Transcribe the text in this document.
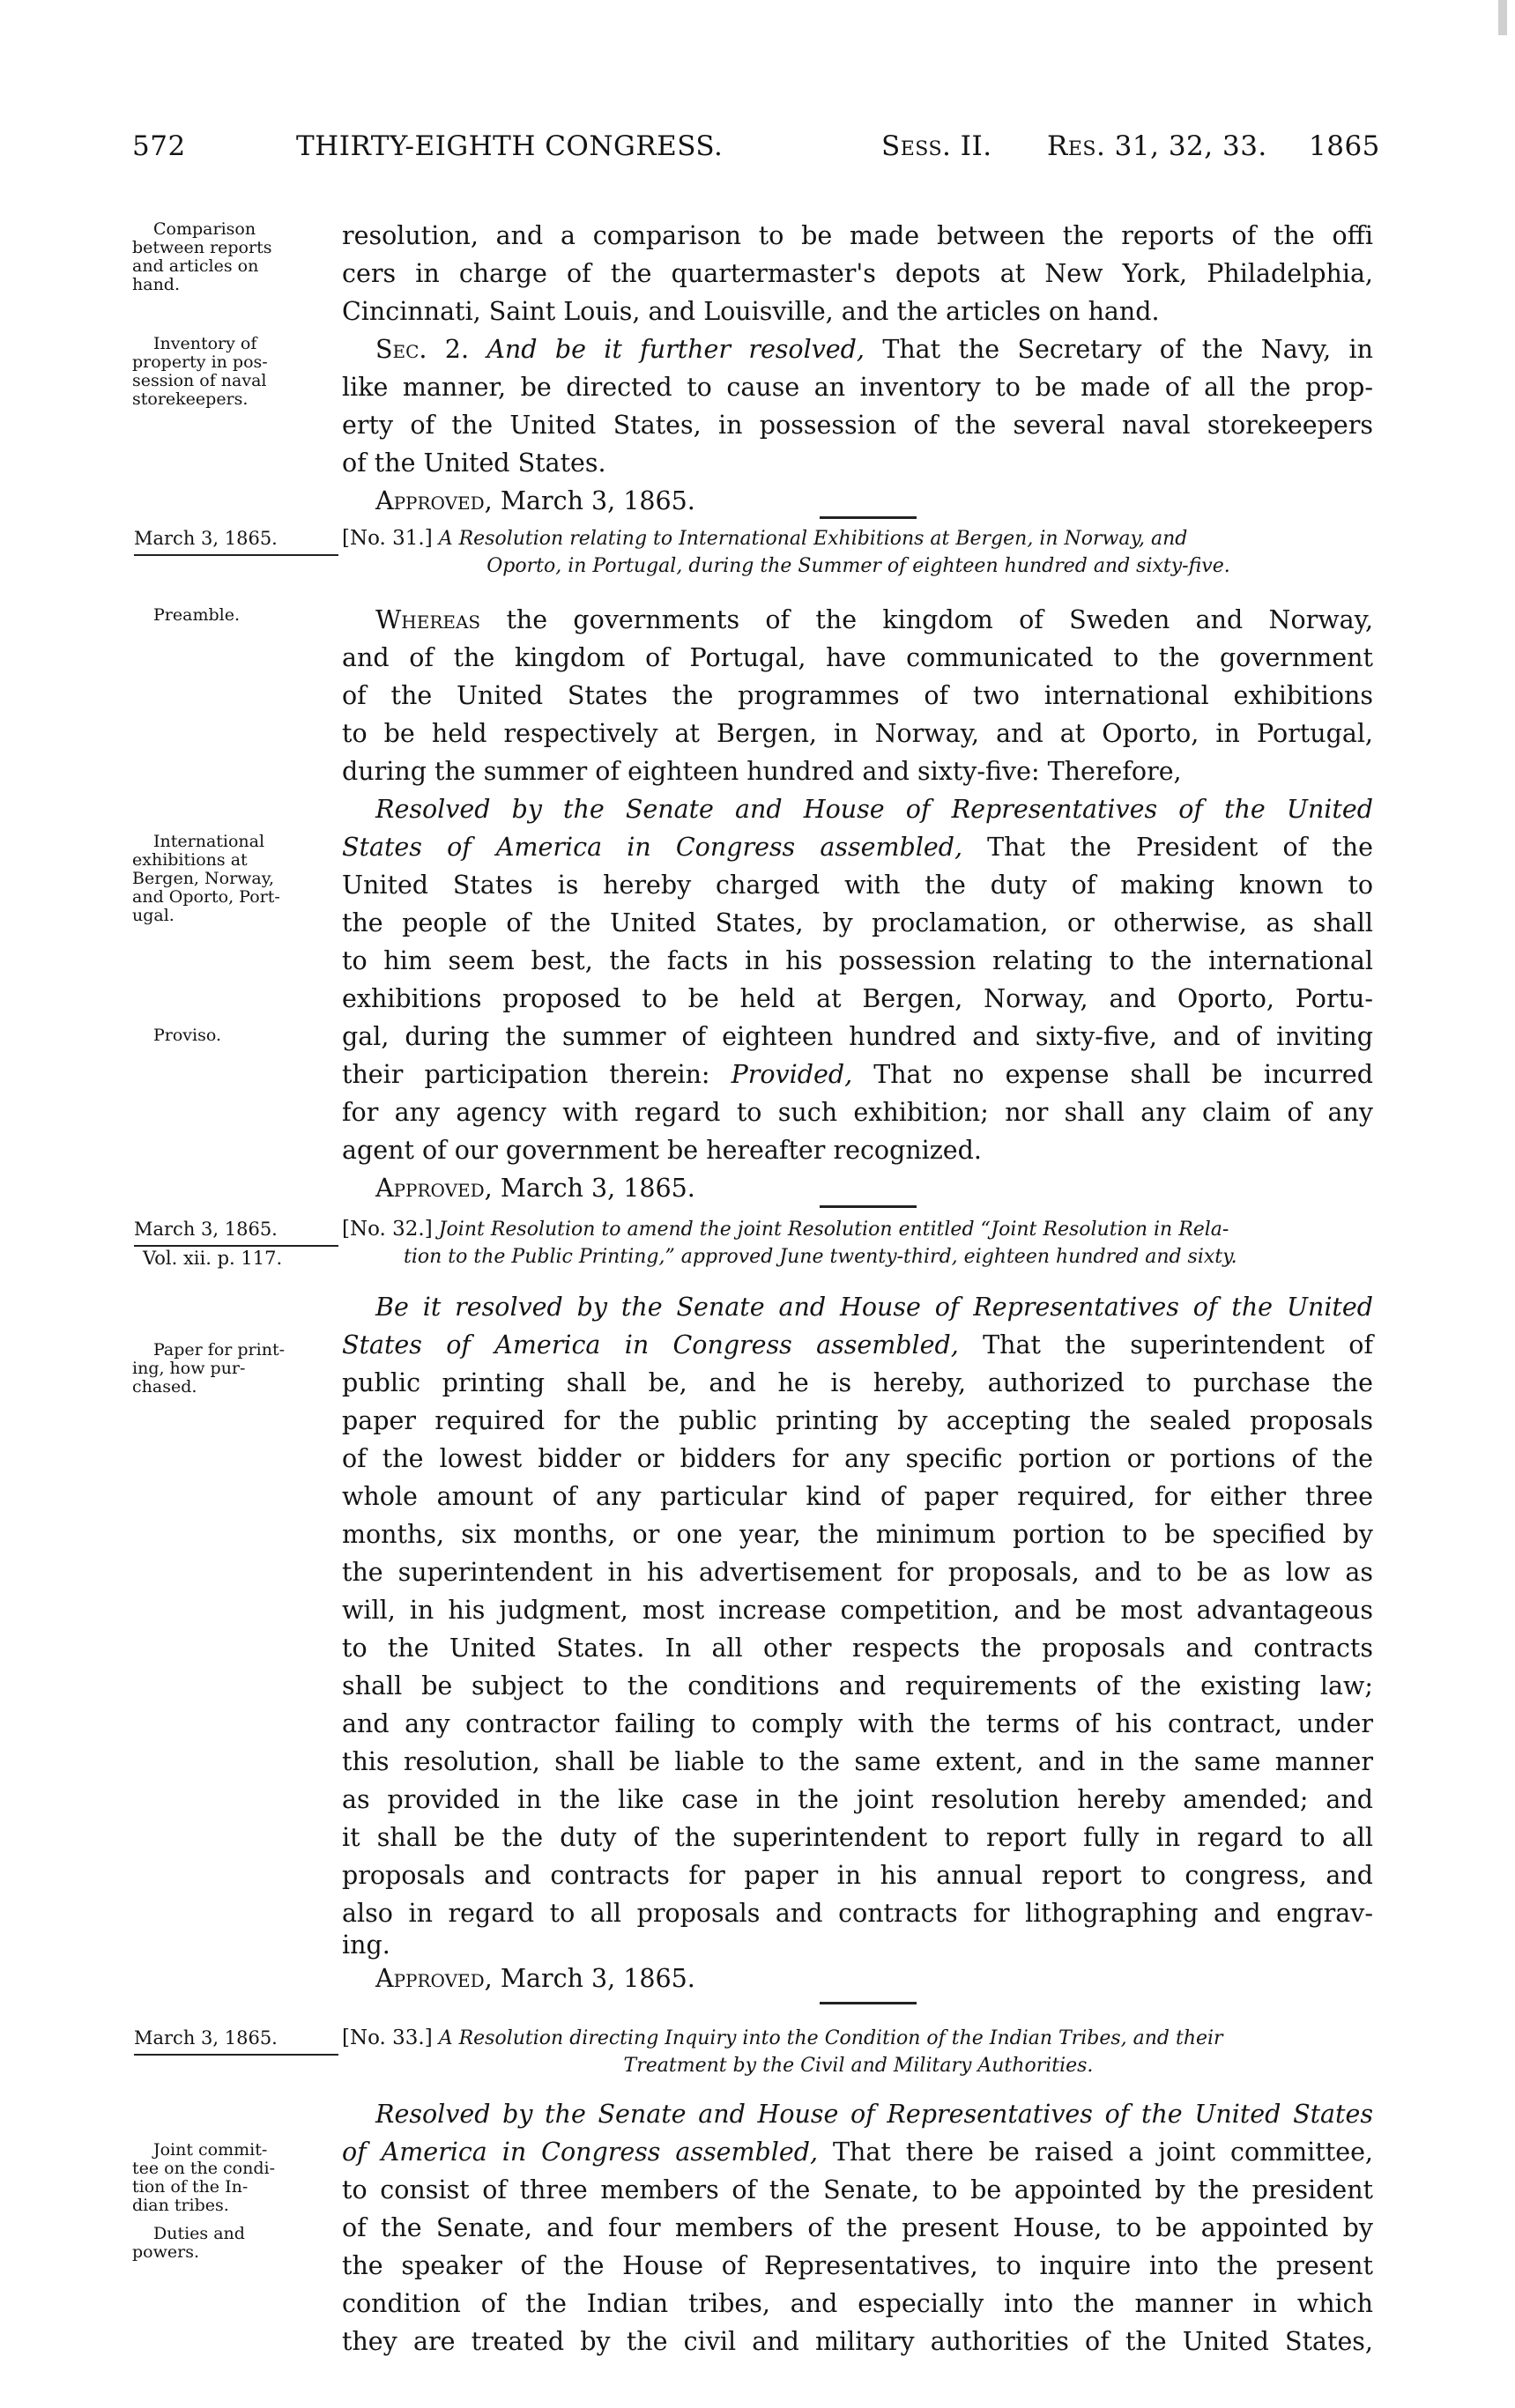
572	THIRTY-EIGHTH CONGRESS.	Sess. II. Res. 31, 32, 33. 1865
Comparison
between reports
and articles on
hand.
Inventory of
property in pos-
session of naval
storekeepers.
resolution, and a comparison to be made between the reports of the offi
cers in charge of the quartermaster's depots at New York, Philadelphia,
Cincinnati, Saint Louis, and Louisville, and the articles on hand.
Sec. 2. And be it further resolved, That the Secretary of the Navy, in
like manner, be directed to cause an inventory to be made of all the prop-
erty of the United States, in possession of the several naval storekeepers
of the United States.
Approved, March 3, 1865.
March 3, 1865.	[No. 31.] A Resolution relating to International Exhibitions at Bergen, in Norway, and
Oporto, in Portugal, during the Summer of eighteen hundred and sixty-five.
Preamble.
International
exhibitions at
Bergen, Norway,
and Oporto, Port-
ugal.
Proviso.
Whereas the governments of the kingdom of Sweden and Norway,
and of the kingdom of Portugal, have communicated to the government
of the United States the programmes of two international exhibitions
to be held respectively at Bergen, in Norway, and at Oporto, in Portugal,
during the summer of eighteen hundred and sixty-five: Therefore,
Resolved by the Senate and House of Representatives of the United
States of America in Congress assembled, That the President of the
United States is hereby charged with the duty of making known to
the people of the United States, by proclamation, or otherwise, as shall
to him seem best, the facts in his possession relating to the international
exhibitions proposed to be held at Bergen, Norway, and Oporto, Portu-
gal, during the summer of eighteen hundred and sixty-five, and of inviting
their participation therein: Provided, That no expense shall be incurred
for any agency with regard to such exhibition; nor shall any claim of any
agent of our government be hereafter recognized.
Approved, March 3, 1865.
March 3, 1865.
Vol. xii. p. 117.
[No. 32.] Joint Resolution to amend the joint Resolution entitled “Joint Resolution in Rela-
tion to the Public Printing,” approved June twenty-third, eighteen hundred and sixty.
Paper for print-
ing, how pur-
chased.
Be it resolved by the Senate and House of Representatives of the United
States of America in Congress assembled, That the superintendent of
public printing shall be, and he is hereby, authorized to purchase the
paper required for the public printing by accepting the sealed proposals
of the lowest bidder or bidders for any specific portion or portions of the
whole amount of any particular kind of paper required, for either three
months, six months, or one year, the minimum portion to be specified by
the superintendent in his advertisement for proposals, and to be as low as
will, in his judgment, most increase competition, and be most advantageous
to the United States. In all other respects the proposals and contracts
shall be subject to the conditions and requirements of the existing law;
and any contractor failing to comply with the terms of his contract, under
this resolution, shall be liable to the same extent, and in the same manner
as provided in the like case in the joint resolution hereby amended; and
it shall be the duty of the superintendent to report fully in regard to all
proposals and contracts for paper in his annual report to congress, and
also in regard to all proposals and contracts for lithographing and engrav-
ing.
Approved, March 3, 1865.
March 3, 1865.	[No. 33.] A Resolution directing Inquiry into the Condition of the Indian Tribes, and their
Treatment by the Civil and Military Authorities.
Joint commit-
tee on the condi-
tion of the In-
dian tribes.
Duties and
powers.
Resolved by the Senate and House of Representatives of the United States
of America in Congress assembled, That there be raised a joint committee,
to consist of three members of the Senate, to be appointed by the president
of the Senate, and four members of the present House, to be appointed by
the speaker of the House of Representatives, to inquire into the present
condition of the Indian tribes, and especially into the manner in which
they are treated by the civil and military authorities of the United States,
